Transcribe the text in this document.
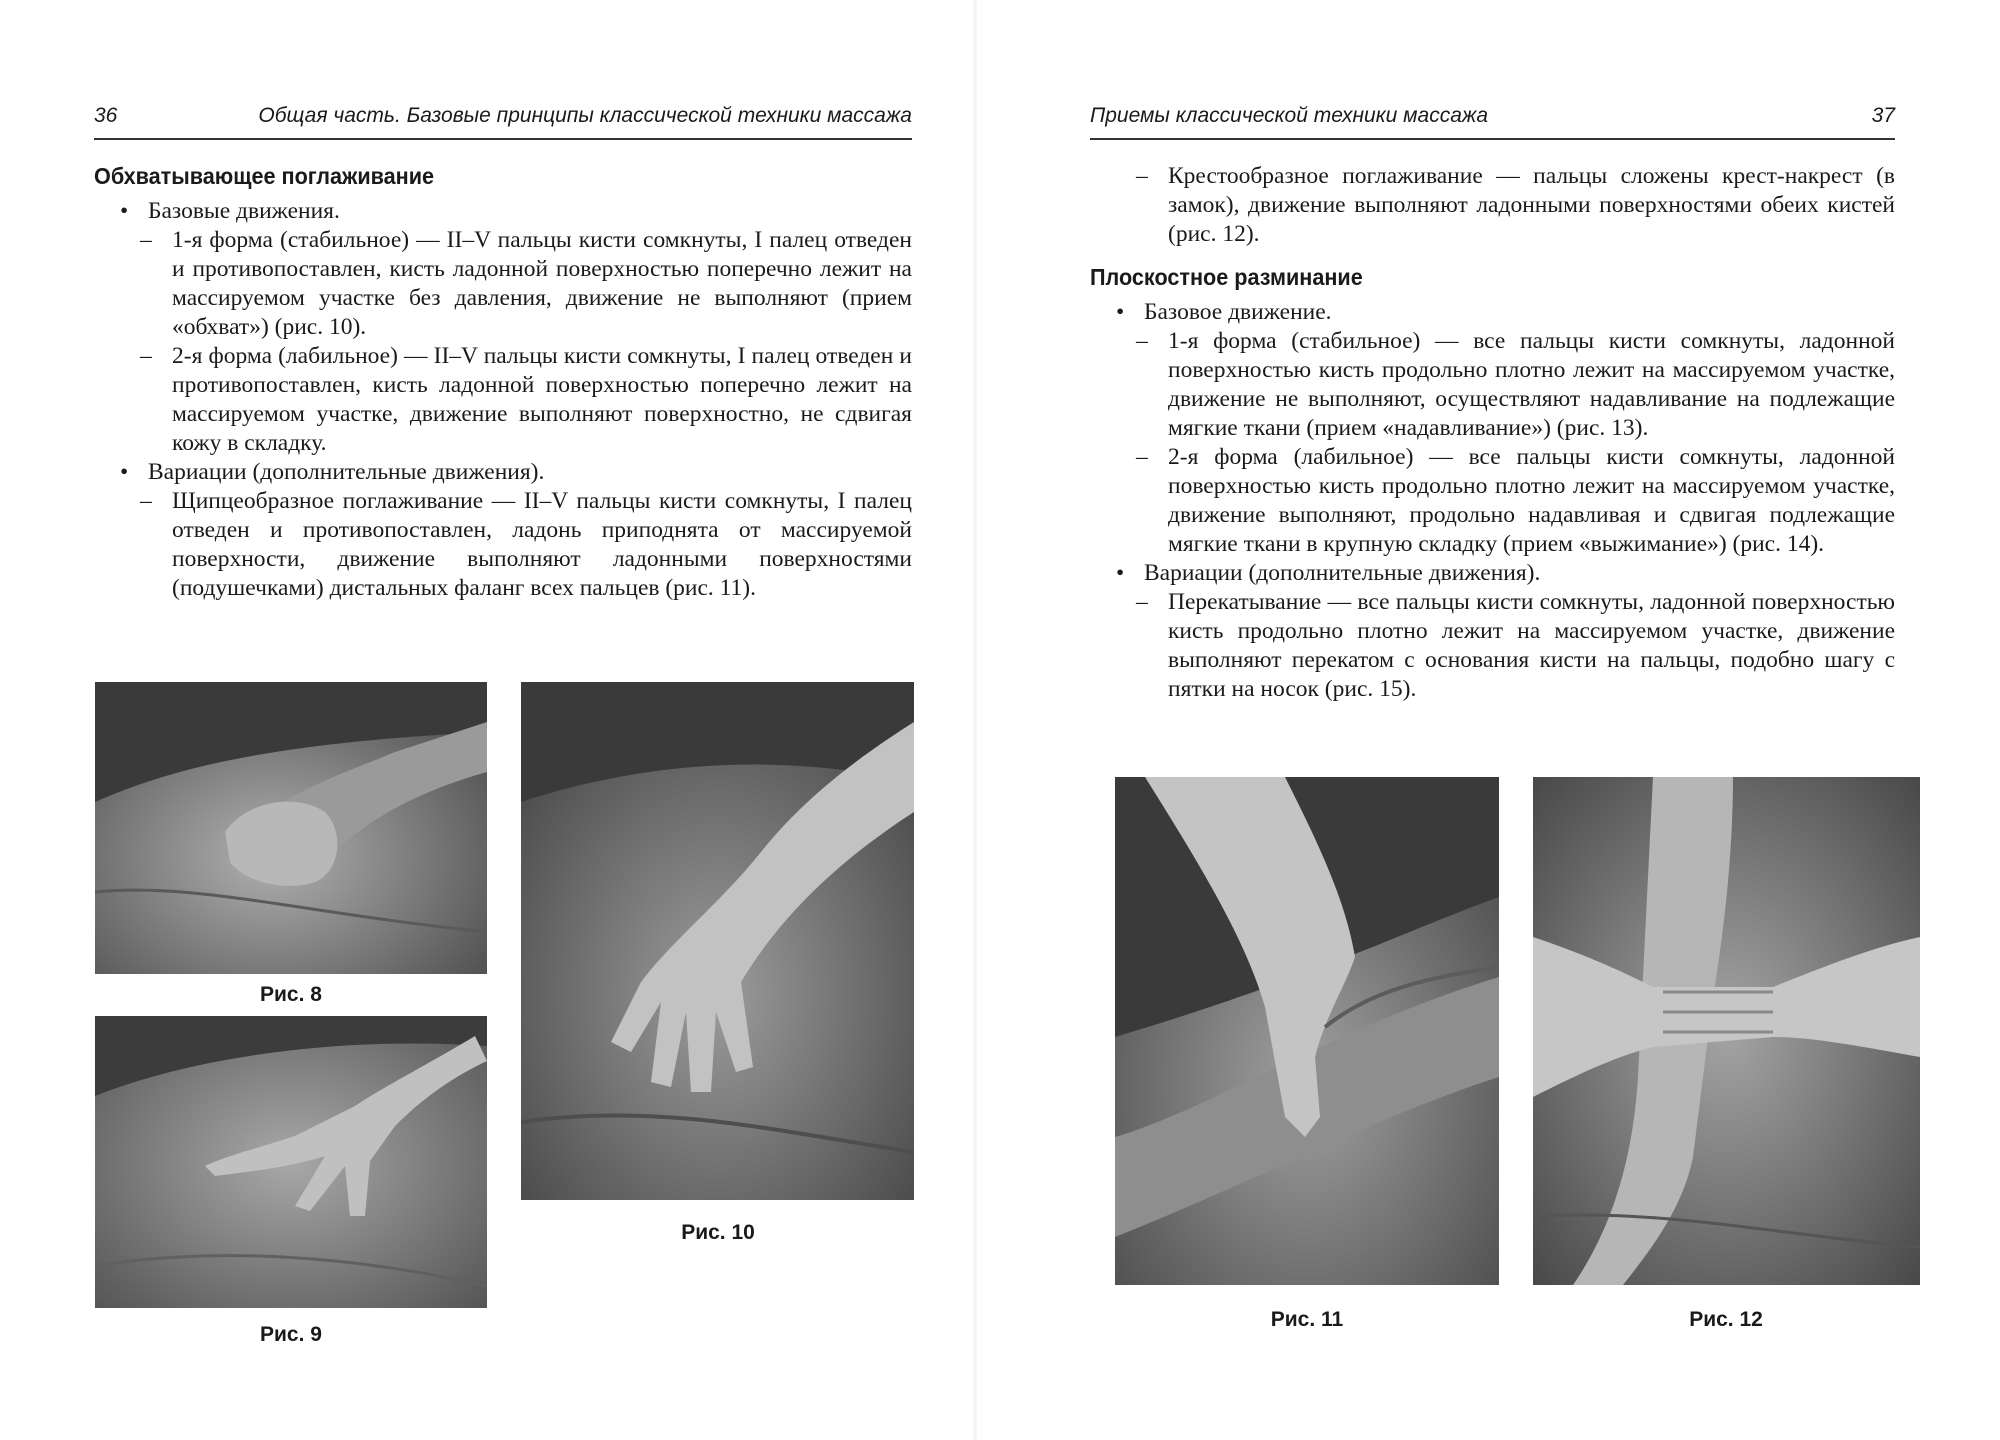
36	Общая часть. Базовые принципы классической техники массажа
Обхватывающее поглаживание
• Базовые движения.
– 1-я форма (стабильное) — II–V пальцы кисти сомкнуты, I палец отведен и противопоставлен, кисть ладонной поверхностью поперечно лежит на массируемом участке без давления, движение не выполняют (прием «обхват») (рис. 10).
– 2-я форма (лабильное) — II–V пальцы кисти сомкнуты, I палец отведен и противопоставлен, кисть ладонной поверхностью поперечно лежит на массируемом участке, движение выполняют поверхностно, не сдвигая кожу в складку.
• Вариации (дополнительные движения).
– Щипцеобразное поглаживание — II–V пальцы кисти сомкнуты, I палец отведен и противопоставлен, ладонь приподнята от массируемой поверхности, движение выполняют ладонными поверхностями (подушечками) дистальных фаланг всех пальцев (рис. 11).
Рис. 8
Рис. 9
Рис. 10
Приемы классической техники массажа	37
– Крестообразное поглаживание — пальцы сложены крест-накрест (в замок), движение выполняют ладонными поверхностями обеих кистей (рис. 12).
Плоскостное разминание
• Базовое движение.
– 1-я форма (стабильное) — все пальцы кисти сомкнуты, ладонной поверхностью кисть продольно плотно лежит на массируемом участке, движение не выполняют, осуществляют надавливание на подлежащие мягкие ткани (прием «надавливание») (рис. 13).
– 2-я форма (лабильное) — все пальцы кисти сомкнуты, ладонной поверхностью кисть продольно плотно лежит на массируемом участке, движение выполняют, продольно надавливая и сдвигая подлежащие мягкие ткани в крупную складку (прием «выжимание») (рис. 14).
• Вариации (дополнительные движения).
– Перекатывание — все пальцы кисти сомкнуты, ладонной поверхностью кисть продольно плотно лежит на массируемом участке, движение выполняют перекатом с основания кисти на пальцы, подобно шагу с пятки на носок (рис. 15).
Рис. 11	Рис. 12
